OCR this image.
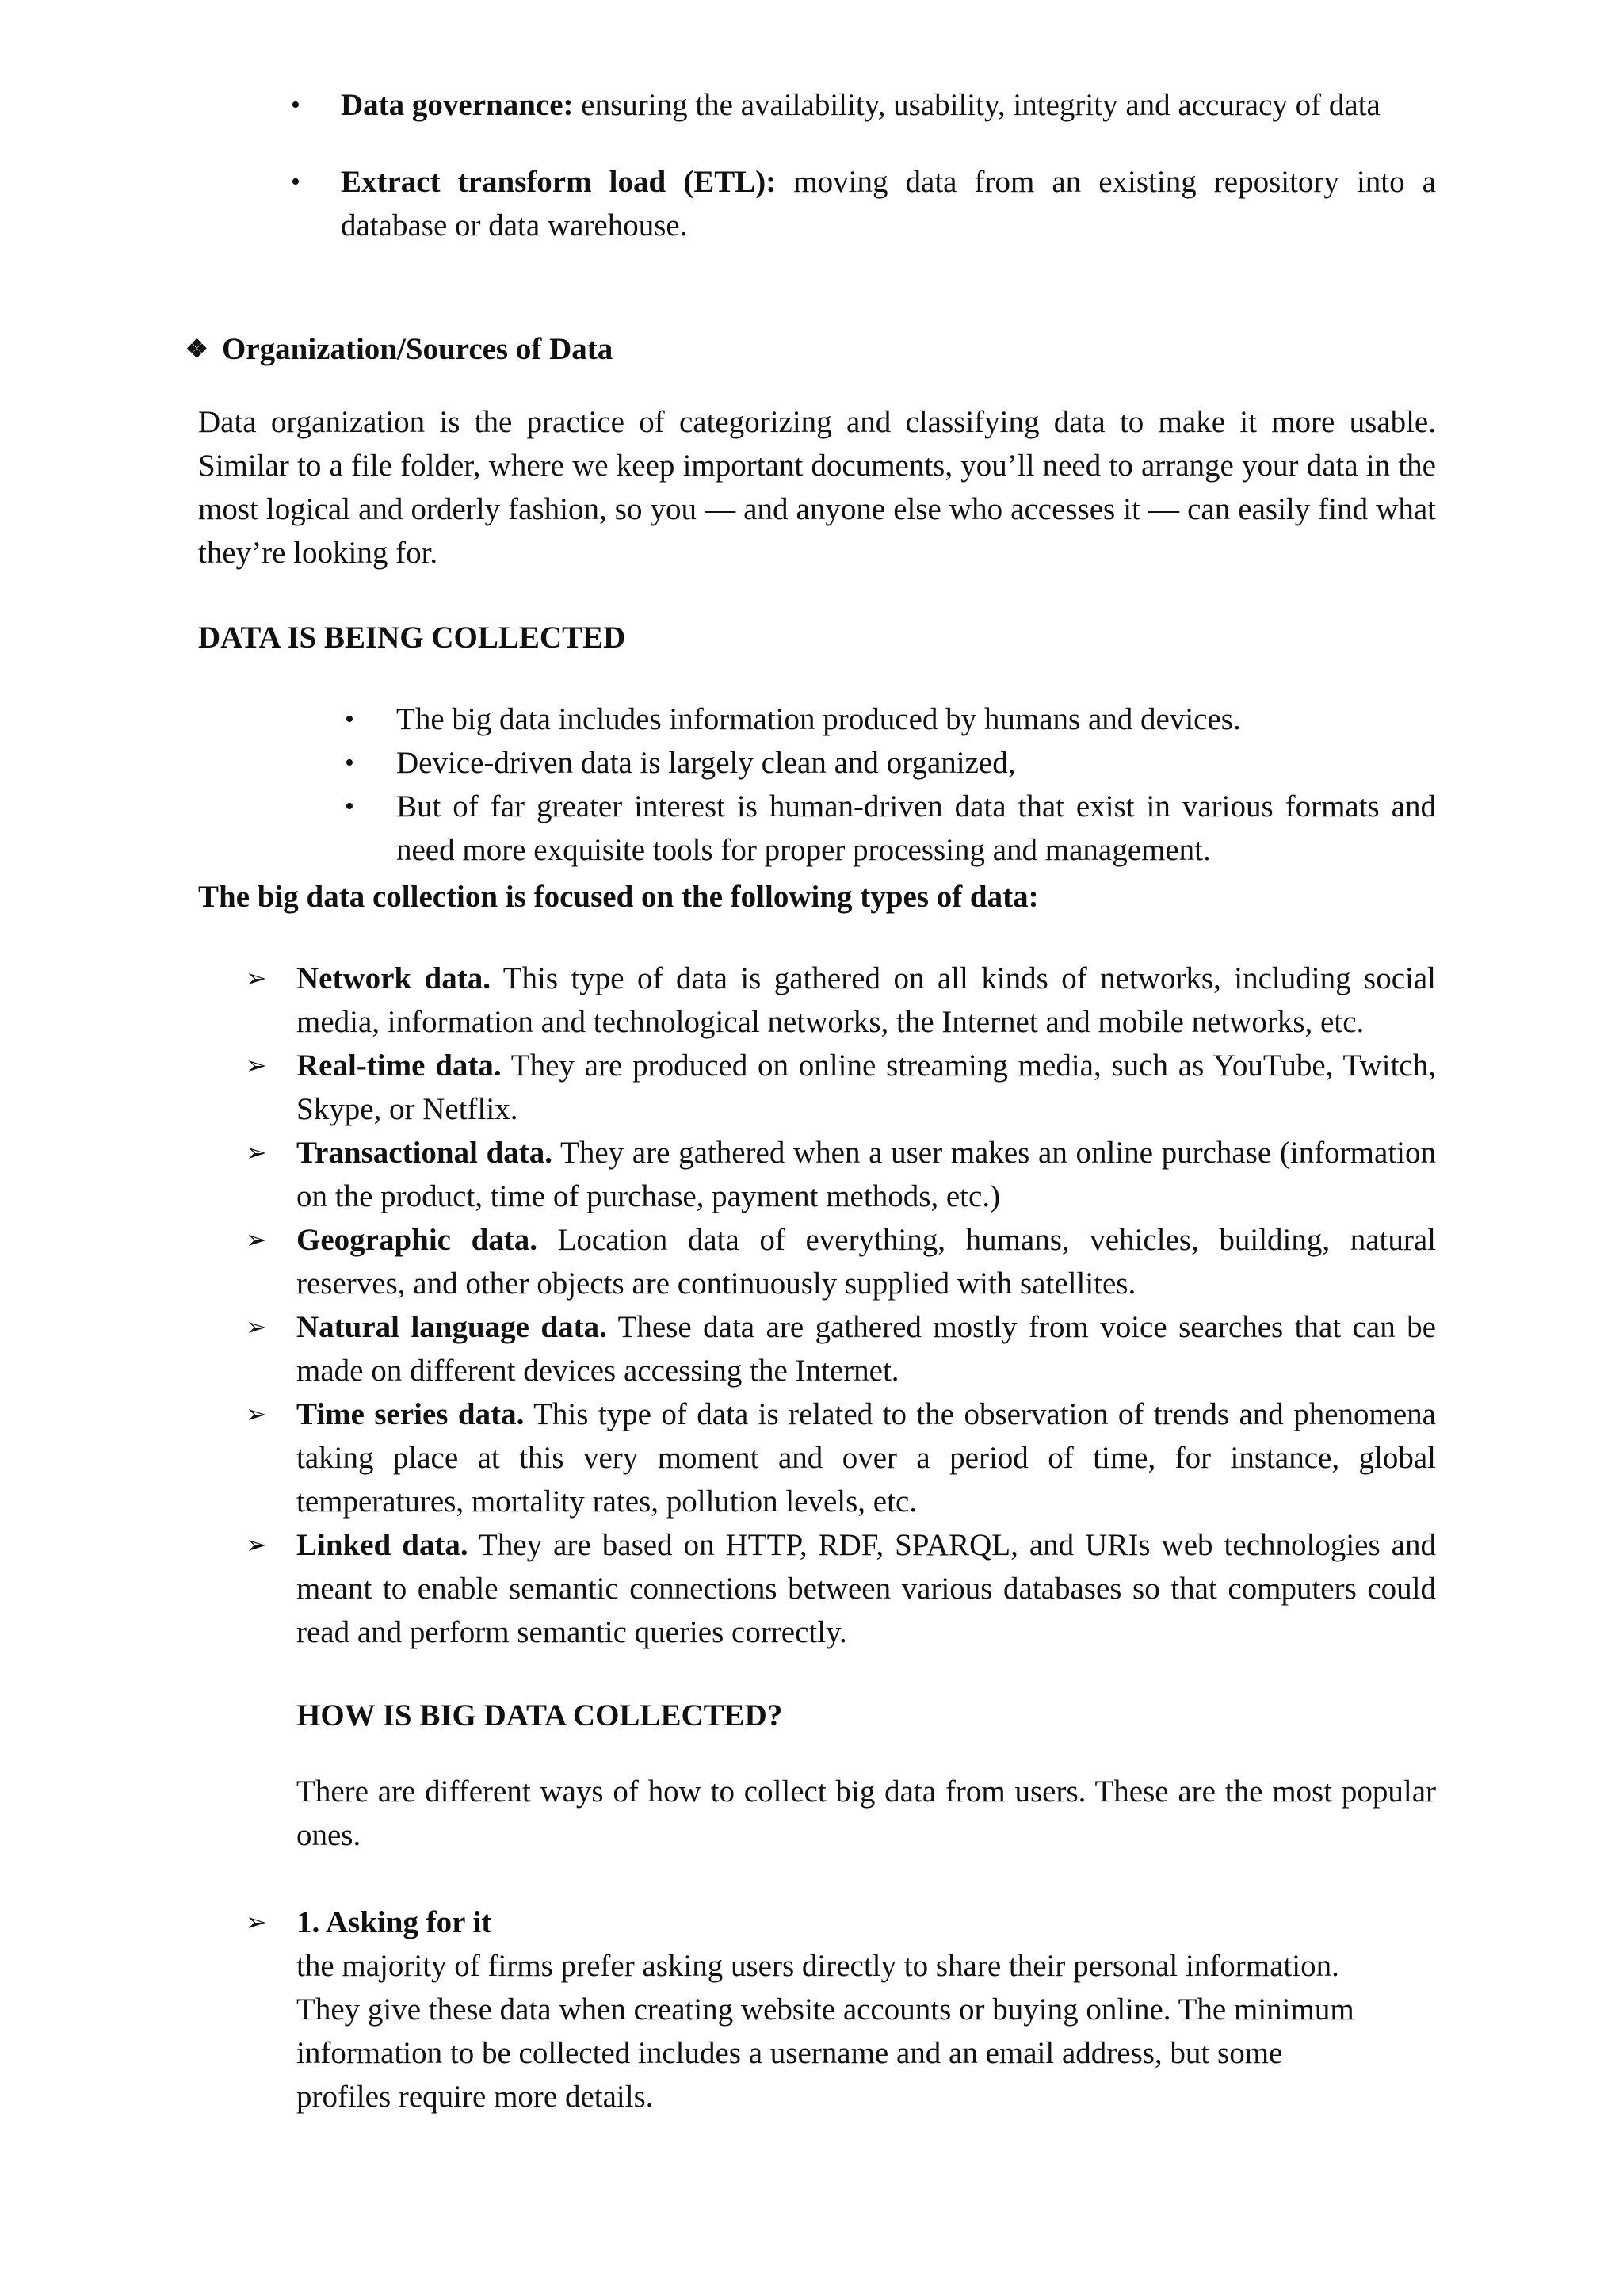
• Data governance: ensuring the availability, usability, integrity and accuracy of data
• Extract transform load (ETL): moving data from an existing repository into a database or data warehouse.
❖ Organization/Sources of Data
Data organization is the practice of categorizing and classifying data to make it more usable. Similar to a file folder, where we keep important documents, you’ll need to arrange your data in the most logical and orderly fashion, so you — and anyone else who accesses it — can easily find what they’re looking for.
DATA IS BEING COLLECTED
• The big data includes information produced by humans and devices.
• Device-driven data is largely clean and organized,
• But of far greater interest is human-driven data that exist in various formats and need more exquisite tools for proper processing and management.
The big data collection is focused on the following types of data:
➢ Network data. This type of data is gathered on all kinds of networks, including social media, information and technological networks, the Internet and mobile networks, etc.
➢ Real-time data. They are produced on online streaming media, such as YouTube, Twitch, Skype, or Netflix.
➢ Transactional data. They are gathered when a user makes an online purchase (information on the product, time of purchase, payment methods, etc.)
➢ Geographic data. Location data of everything, humans, vehicles, building, natural reserves, and other objects are continuously supplied with satellites.
➢ Natural language data. These data are gathered mostly from voice searches that can be made on different devices accessing the Internet.
➢ Time series data. This type of data is related to the observation of trends and phenomena taking place at this very moment and over a period of time, for instance, global temperatures, mortality rates, pollution levels, etc.
➢ Linked data. They are based on HTTP, RDF, SPARQL, and URIs web technologies and meant to enable semantic connections between various databases so that computers could read and perform semantic queries correctly.
HOW IS BIG DATA COLLECTED?
There are different ways of how to collect big data from users. These are the most popular ones.
➢ 1. Asking for it
the majority of firms prefer asking users directly to share their personal information.
They give these data when creating website accounts or buying online. The minimum
information to be collected includes a username and an email address, but some
profiles require more details.
